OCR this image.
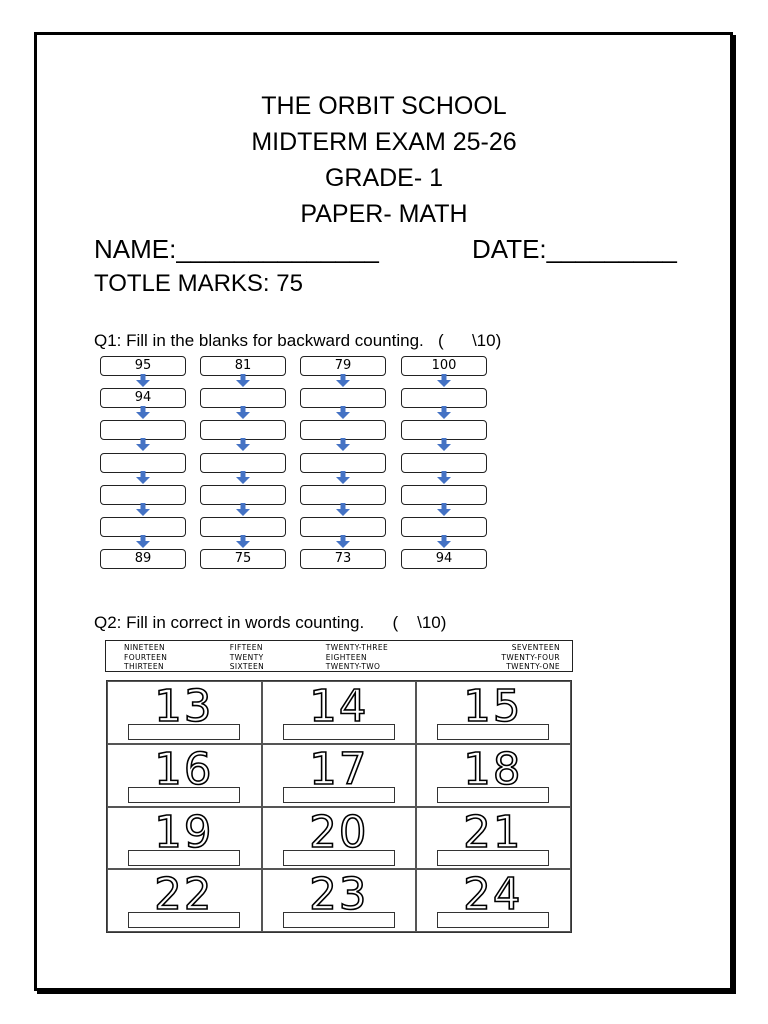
THE ORBIT SCHOOL
MIDTERM EXAM 25-26
GRADE- 1
PAPER- MATH
NAME:______________	DATE:_________
TOTLE MARKS: 75
Q1: Fill in the blanks for backward counting.   (      \10)
95
94
89
81
75
79
73
100
94
Q2: Fill in correct in words counting.      (    \10)
NINETEEN
FOURTEEN
THIRTEEN
FIFTEEN
TWENTY
SIXTEEN
TWENTY-THREE
EIGHTEEN
TWENTY-TWO
SEVENTEEN
TWENTY-FOUR
TWENTY-ONE
13 14 15
16 17 18
19 20 21
22 23 24
